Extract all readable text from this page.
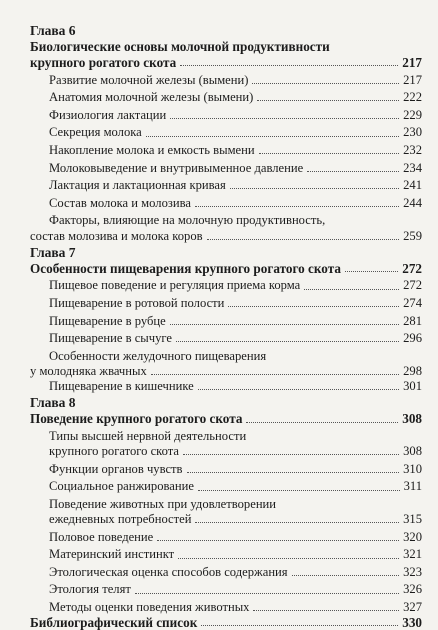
Глава 6
Биологические основы молочной продуктивности
крупного рогатого скота	217
Развитие молочной железы (вымени)	217
Анатомия молочной железы (вымени)	222
Физиология лактации	229
Секреция молока	230
Накопление молока и емкость вымени	232
Молоковыведение и внутривыменное давление	234
Лактация и лактационная кривая	241
Состав молока и молозива	244
Факторы, влияющие на молочную продуктивность,
состав молозива и молока коров	259
Глава 7
Особенности пищеварения крупного рогатого скота	272
Пищевое поведение и регуляция приема корма	272
Пищеварение в ротовой полости	274
Пищеварение в рубце	281
Пищеварение в сычуге	296
Особенности желудочного пищеварения
у молодняка жвачных	298
Пищеварение в кишечнике	301
Глава 8
Поведение крупного рогатого скота	308
Типы высшей нервной деятельности
крупного рогатого скота	308
Функции органов чувств	310
Социальное ранжирование	311
Поведение животных при удовлетворении
ежедневных потребностей	315
Половое поведение	320
Материнский инстинкт	321
Этологическая оценка способов содержания	323
Этология телят	326
Методы оценки поведения животных	327
Библиографический список	330
